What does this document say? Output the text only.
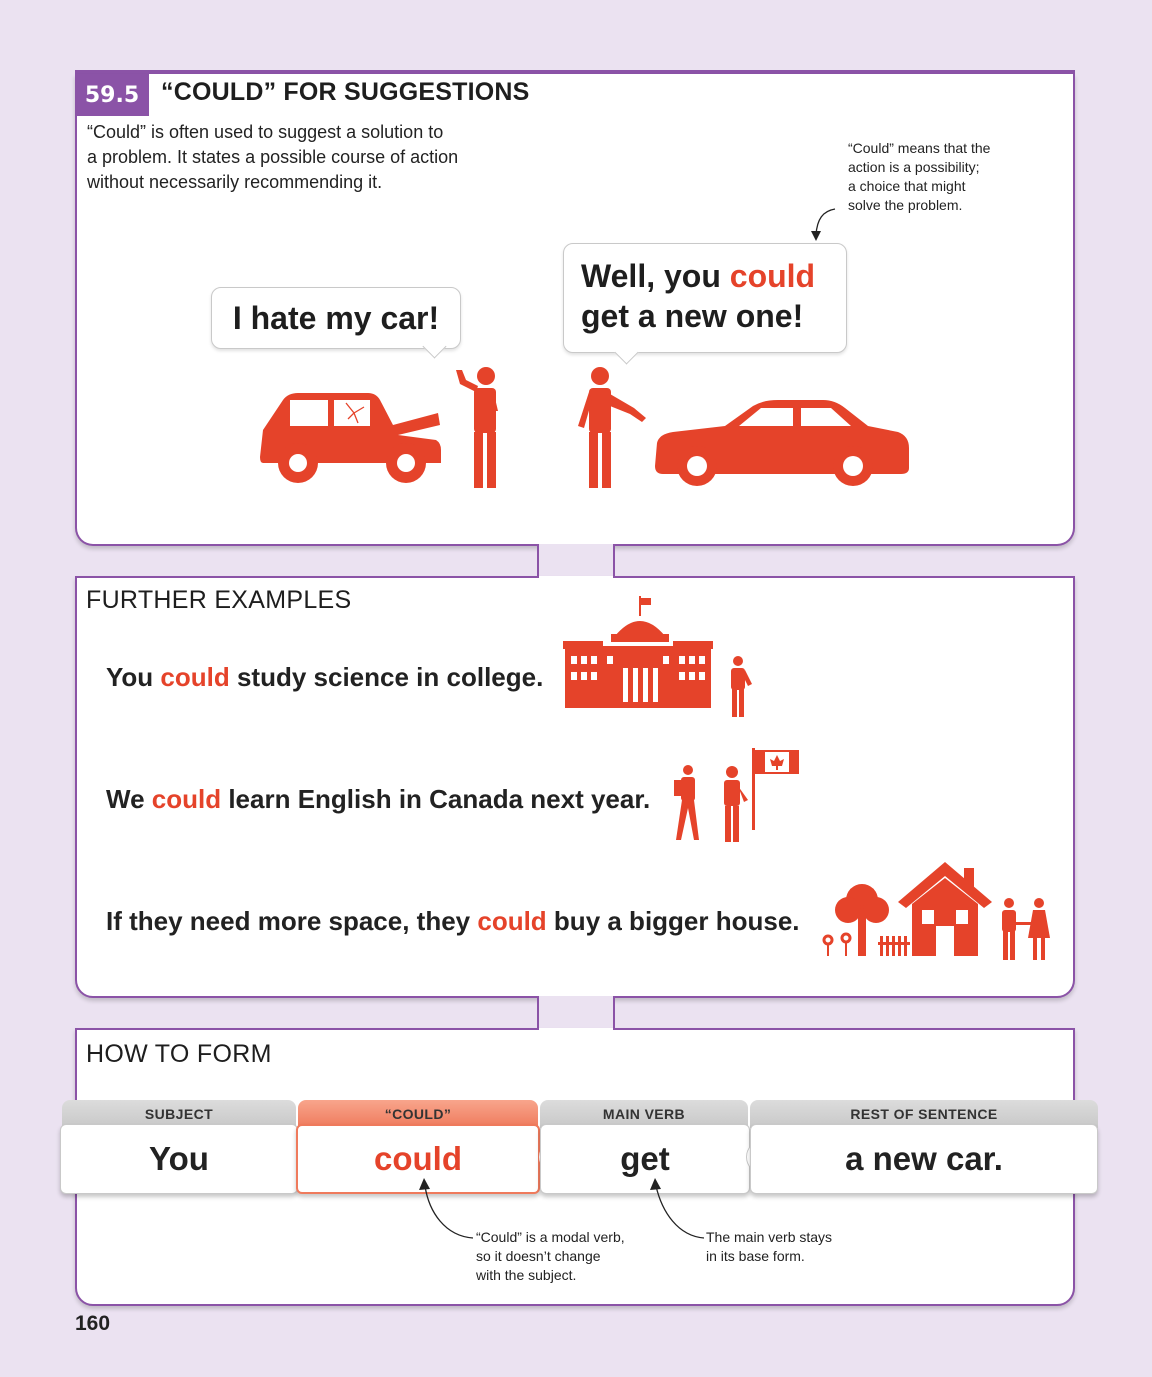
59.5 “COULD” FOR SUGGESTIONS
“Could” is often used to suggest a solution to
a problem. It states a possible course of action
without necessarily recommending it.
“Could” means that the
action is a possibility;
a choice that might
solve the problem.
I hate my car!
Well, you could
get a new one!
FURTHER EXAMPLES
You could study science in college.
We could learn English in Canada next year.
If they need more space, they could buy a bigger house.
HOW TO FORM
SUBJECT	“COULD”	MAIN VERB	REST OF SENTENCE
You	could	get	a new car.
“Could” is a modal verb,
so it doesn’t change
with the subject.
The main verb stays
in its base form.
160
